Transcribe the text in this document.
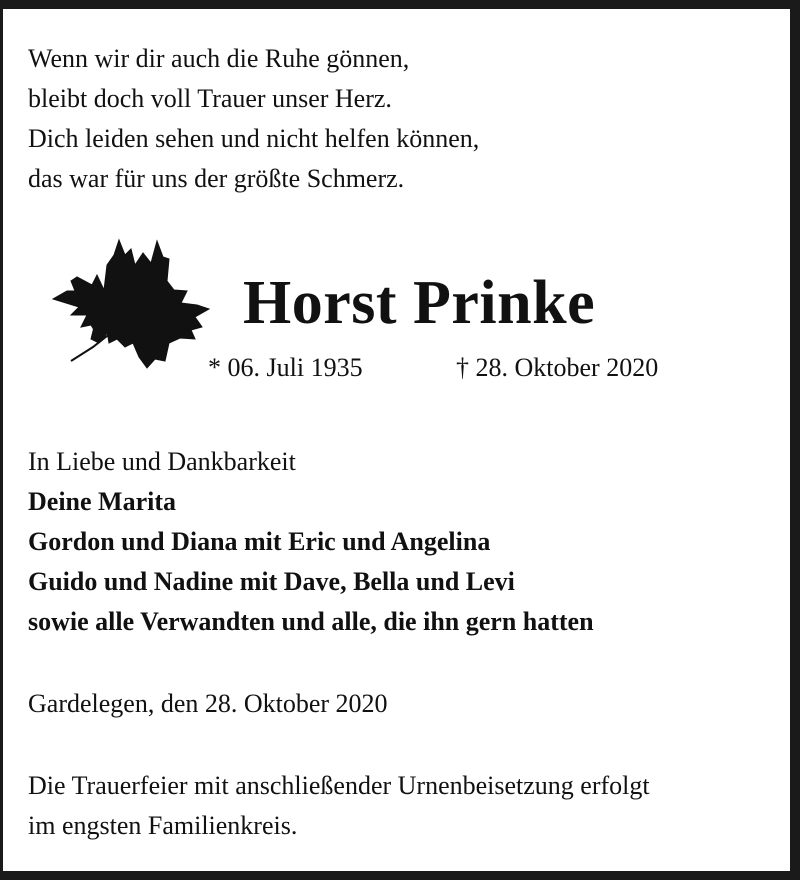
Wenn wir dir auch die Ruhe gönnen,
bleibt doch voll Trauer unser Herz.
Dich leiden sehen und nicht helfen können,
das war für uns der größte Schmerz.
Horst Prinke
* 06. Juli 1935	† 28. Oktober 2020
In Liebe und Dankbarkeit
Deine Marita
Gordon und Diana mit Eric und Angelina
Guido und Nadine mit Dave, Bella und Levi
sowie alle Verwandten und alle, die ihn gern hatten
Gardelegen, den 28. Oktober 2020
Die Trauerfeier mit anschließender Urnenbeisetzung erfolgt
im engsten Familienkreis.
